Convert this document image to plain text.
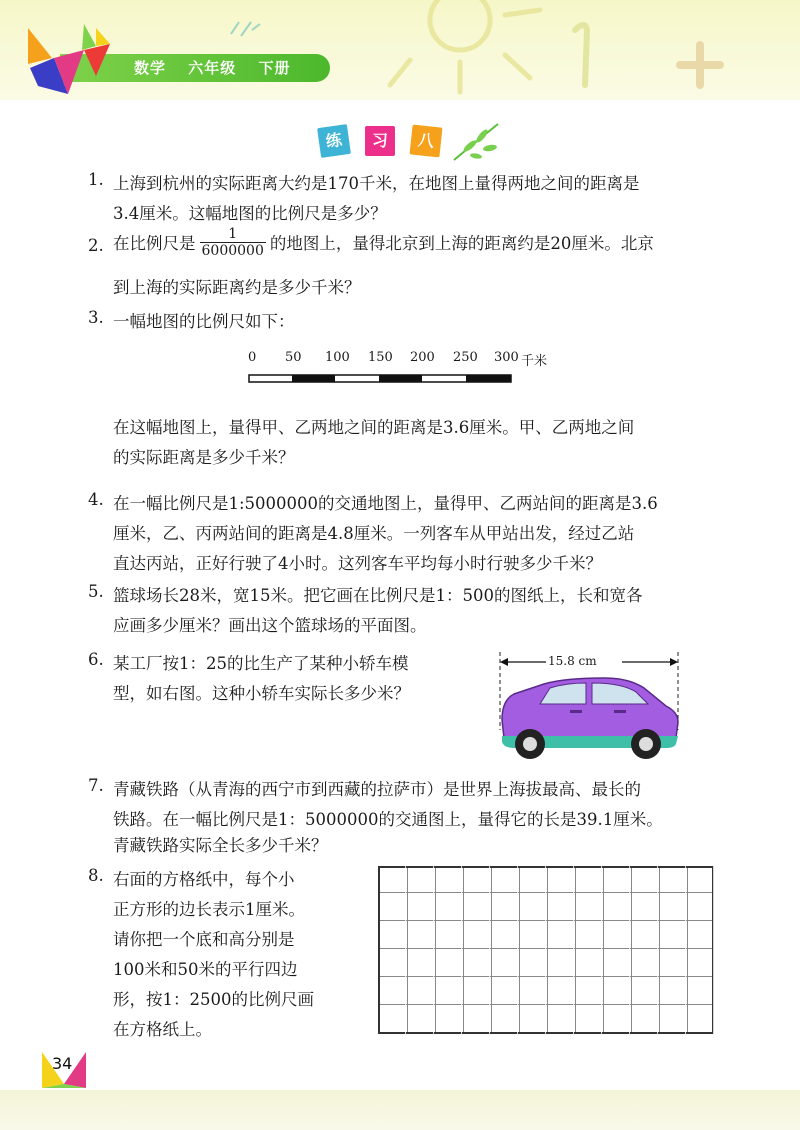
数学 六年级 下册
练	习	八
1. 上海到杭州的实际距离大约是170千米，在地图上量得两地之间的距离是
3.4厘米。这幅地图的比例尺是多少？
2. 在比例尺是 $\frac{1}{6000000}$ 的地图上，量得北京到上海的距离约是20厘米。北京
到上海的实际距离约是多少千米？
3. 一幅地图的比例尺如下：
0 50 100 150 200 250 300 千米
在这幅地图上，量得甲、乙两地之间的距离是3.6厘米。甲、乙两地之间
的实际距离是多少千米？
4. 在一幅比例尺是1:5000000的交通地图上，量得甲、乙两站间的距离是3.6
厘米，乙、丙两站间的距离是4.8厘米。一列客车从甲站出发，经过乙站
直达丙站，正好行驶了4小时。这列客车平均每小时行驶多少千米？
5. 篮球场长28米，宽15米。把它画在比例尺是1：500的图纸上，长和宽各
应画多少厘米？画出这个篮球场的平面图。
6. 某工厂按1：25的比生产了某种小轿车模
型，如右图。这种小轿车实际长多少米？
15.8 cm
7. 青藏铁路（从青海的西宁市到西藏的拉萨市）是世界上海拔最高、最长的
铁路。在一幅比例尺是1：5000000的交通图上，量得它的长是39.1厘米。
青藏铁路实际全长多少千米？
8. 右面的方格纸中，每个小
正方形的边长表示1厘米。
请你把一个底和高分别是
100米和50米的平行四边
形，按1：2500的比例尺画
在方格纸上。
34
